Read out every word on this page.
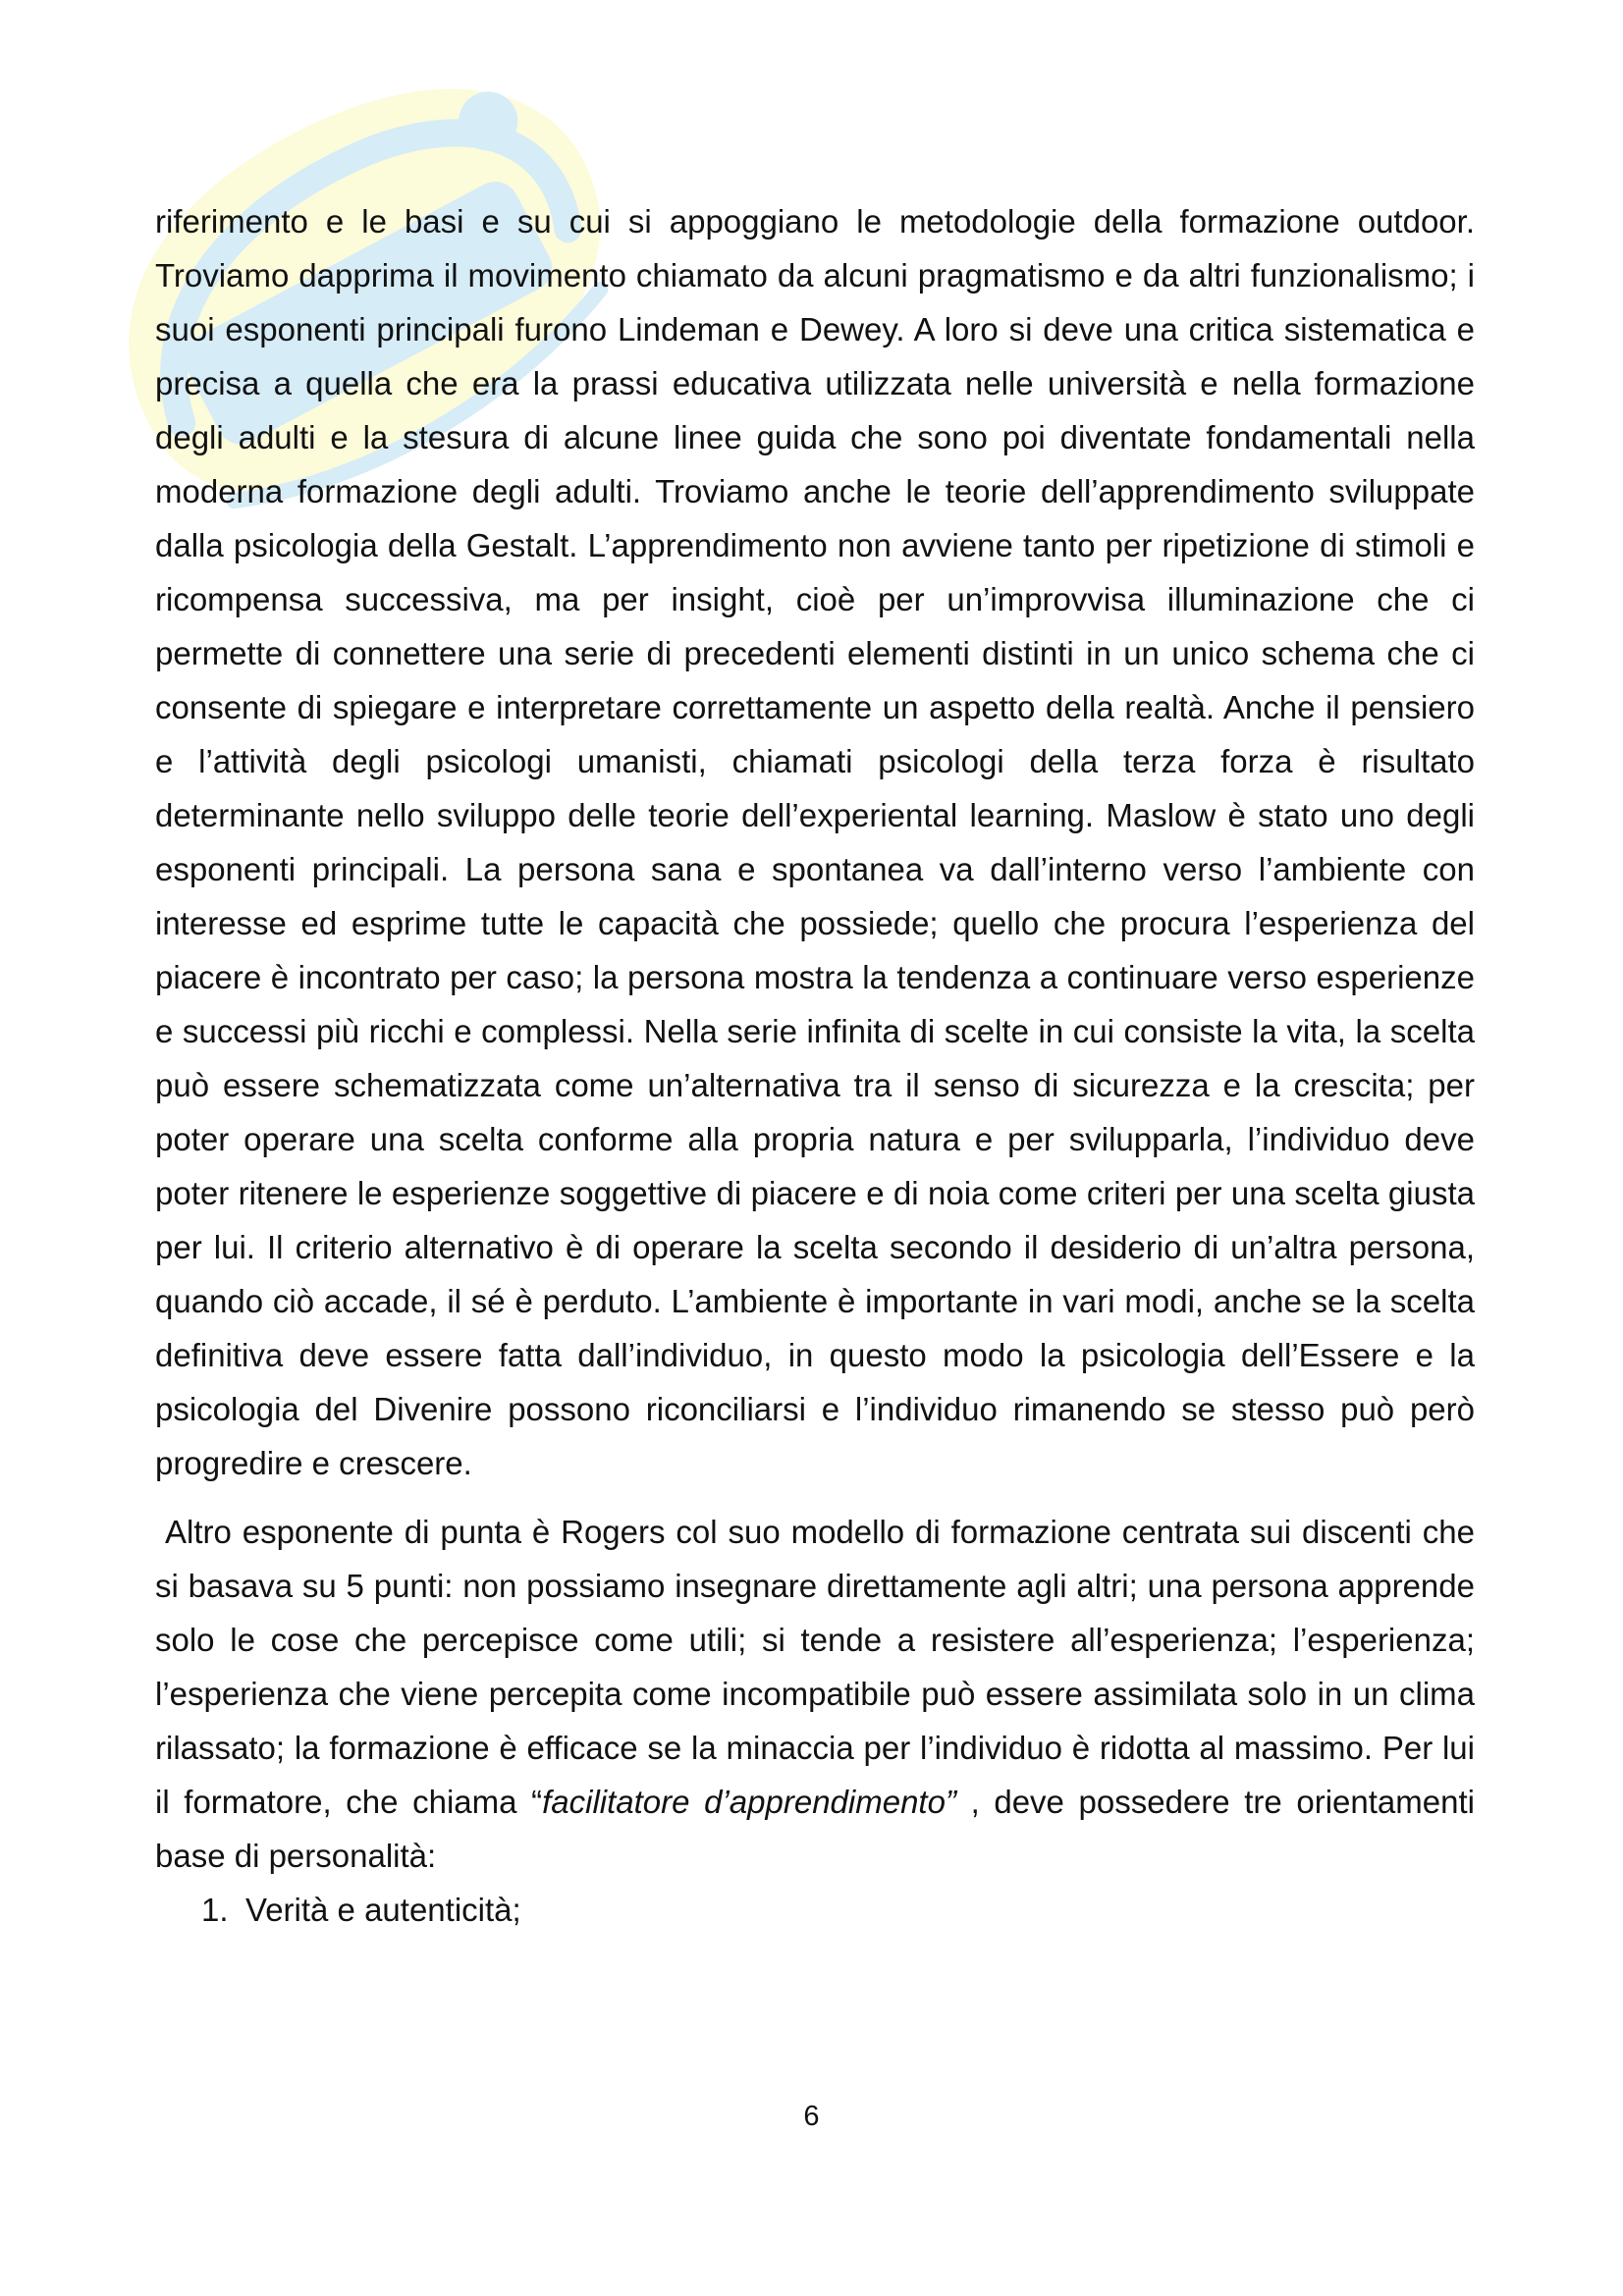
riferimento e le basi e su cui si appoggiano le metodologie della formazione outdoor. Troviamo dapprima il movimento chiamato da alcuni pragmatismo e da altri funzionalismo; i suoi esponenti principali furono Lindeman e Dewey. A loro si deve una critica sistematica e precisa a quella che era la prassi educativa utilizzata nelle università e nella formazione degli adulti e la stesura di alcune linee guida che sono poi diventate fondamentali nella moderna formazione degli adulti. Troviamo anche le teorie dell’apprendimento sviluppate dalla psicologia della Gestalt. L’apprendimento non avviene tanto per ripetizione di stimoli e ricompensa successiva, ma per insight, cioè per un’improvvisa illuminazione che ci permette di connettere una serie di precedenti elementi distinti in un unico schema che ci consente di spiegare e interpretare correttamente un aspetto della realtà. Anche il pensiero e l’attività degli psicologi umanisti, chiamati psicologi della terza forza è risultato determinante nello sviluppo delle teorie dell’experiental learning. Maslow è stato uno degli esponenti principali. La persona sana e spontanea va dall’interno verso l’ambiente con interesse ed esprime tutte le capacità che possiede; quello che procura l’esperienza del piacere è incontrato per caso; la persona mostra la tendenza a continuare verso esperienze e successi più ricchi e complessi. Nella serie infinita di scelte in cui consiste la vita, la scelta può essere schematizzata come un’alternativa tra il senso di sicurezza e la crescita; per poter operare una scelta conforme alla propria natura e per svilupparla, l’individuo deve poter ritenere le esperienze soggettive di piacere e di noia come criteri per una scelta giusta per lui. Il criterio alternativo è di operare la scelta secondo il desiderio di un’altra persona, quando ciò accade, il sé è perduto. L’ambiente è importante in vari modi, anche se la scelta definitiva deve essere fatta dall’individuo, in questo modo la psicologia dell’Essere e la psicologia del Divenire possono riconciliarsi e l’individuo rimanendo se stesso può però progredire e crescere.

Altro esponente di punta è Rogers col suo modello di formazione centrata sui discenti che si basava su 5 punti: non possiamo insegnare direttamente agli altri; una persona apprende solo le cose che percepisce come utili; si tende a resistere all’esperienza; l’esperienza; l’esperienza che viene percepita come incompatibile può essere assimilata solo in un clima rilassato; la formazione è efficace se la minaccia per l’individuo è ridotta al massimo. Per lui il formatore, che chiama “facilitatore d’apprendimento” , deve possedere tre orientamenti base di personalità:

1. Verità e autenticità;
6
